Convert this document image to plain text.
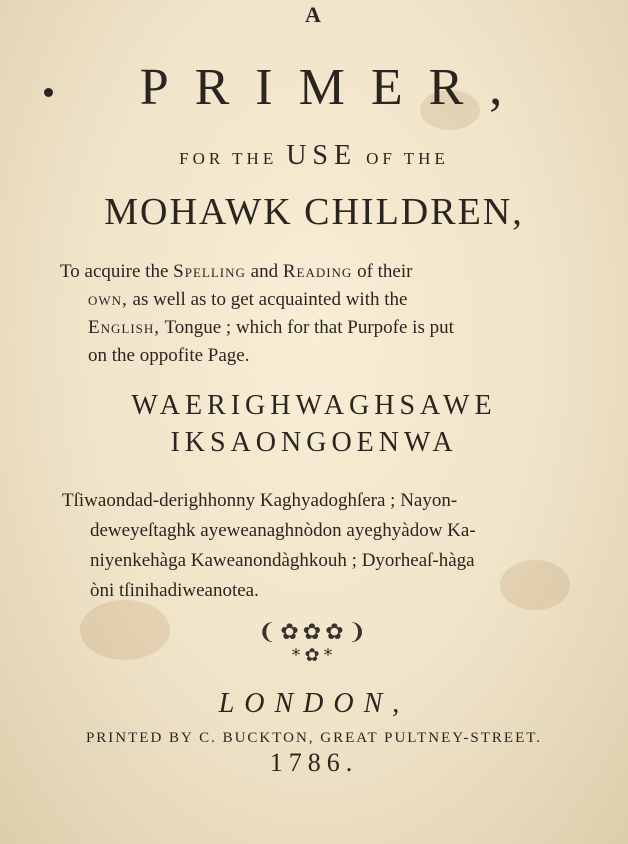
A
PRIMER,
FOR THE USE OF THE
MOHAWK CHILDREN,
To acquire the Spelling and Reading of their
own, as well as to get acquainted with the
English, Tongue ; which for that Purpofe is put
on the oppofite Page.
WAERIGHWAGHSAWE
IKSAONGOENWA
Tſiwaondad-derighhonny Kaghyadoghſera ; Nayon-
deweyeſtaghk ayeweanaghnòdon ayeghyàdow Ka-
niyenkehàga Kaweanondàghkouh ; Dyorheaſ-hàga
òni tſinihadiweanotea.
❨✿✿✿❩
*✿*
LONDON,
PRINTED BY C. BUCKTON, GREAT PULTNEY-STREET.
1786.
